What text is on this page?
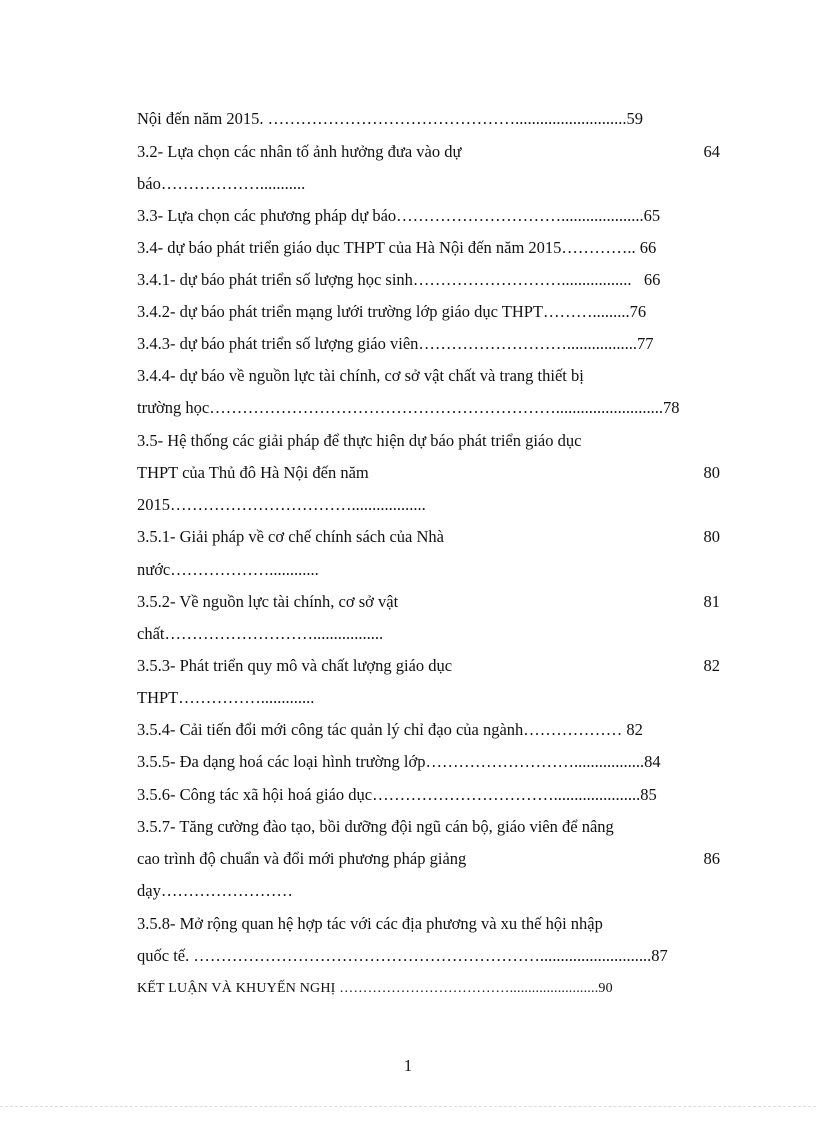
Nội đến năm 2015. ………………………………………...........................59
3.2- Lựa chọn các nhân tố ảnh hưởng đưa vào dự	64
báo………………...........
3.3- Lựa chọn các phương pháp dự báo…………………………....................65
3.4- dự báo phát triển giáo dục THPT của Hà Nội đến năm 2015………….. 66
3.4.1- dự báo phát triển số lượng học sinh……………………….................   66
3.4.2- dự báo phát triển mạng lưới trường lớp giáo dục THPT……….........76
3.4.3- dự báo phát triển số lượng giáo viên……………………….................77
3.4.4- dự báo về nguồn lực tài chính, cơ sở vật chất và trang thiết bị
trường học………………………………………………………..........................78
3.5- Hệ thống các giải pháp để thực hiện dự báo phát triển giáo dục
THPT của Thủ đô Hà Nội đến năm	80
2015……………………………..................
3.5.1- Giải pháp về cơ chế chính sách của Nhà	80
nước………………............
3.5.2- Về nguồn lực tài chính, cơ sở vật	81
chất……………………….................
3.5.3- Phát triển quy mô và chất lượng giáo dục	82
THPT…………….............
3.5.4- Cải tiến đổi mới công tác quản lý chỉ đạo của ngành……………… 82
3.5.5- Đa dạng hoá các loại hình trường lớp……………………….................84
3.5.6- Công tác xã hội hoá giáo dục…………………………….....................85
3.5.7- Tăng cường đào tạo, bồi dưỡng đội ngũ cán bộ, giáo viên để nâng
cao trình độ chuẩn và đổi mới phương pháp giảng	86
dạy……………………
3.5.8- Mở rộng quan hệ hợp tác với các địa phương và xu thế hội nhập
quốc tế. ………………………………………………………...........................87
KẾT LUẬN VÀ KHUYẾN NGHỊ ………………………………........................90
1
